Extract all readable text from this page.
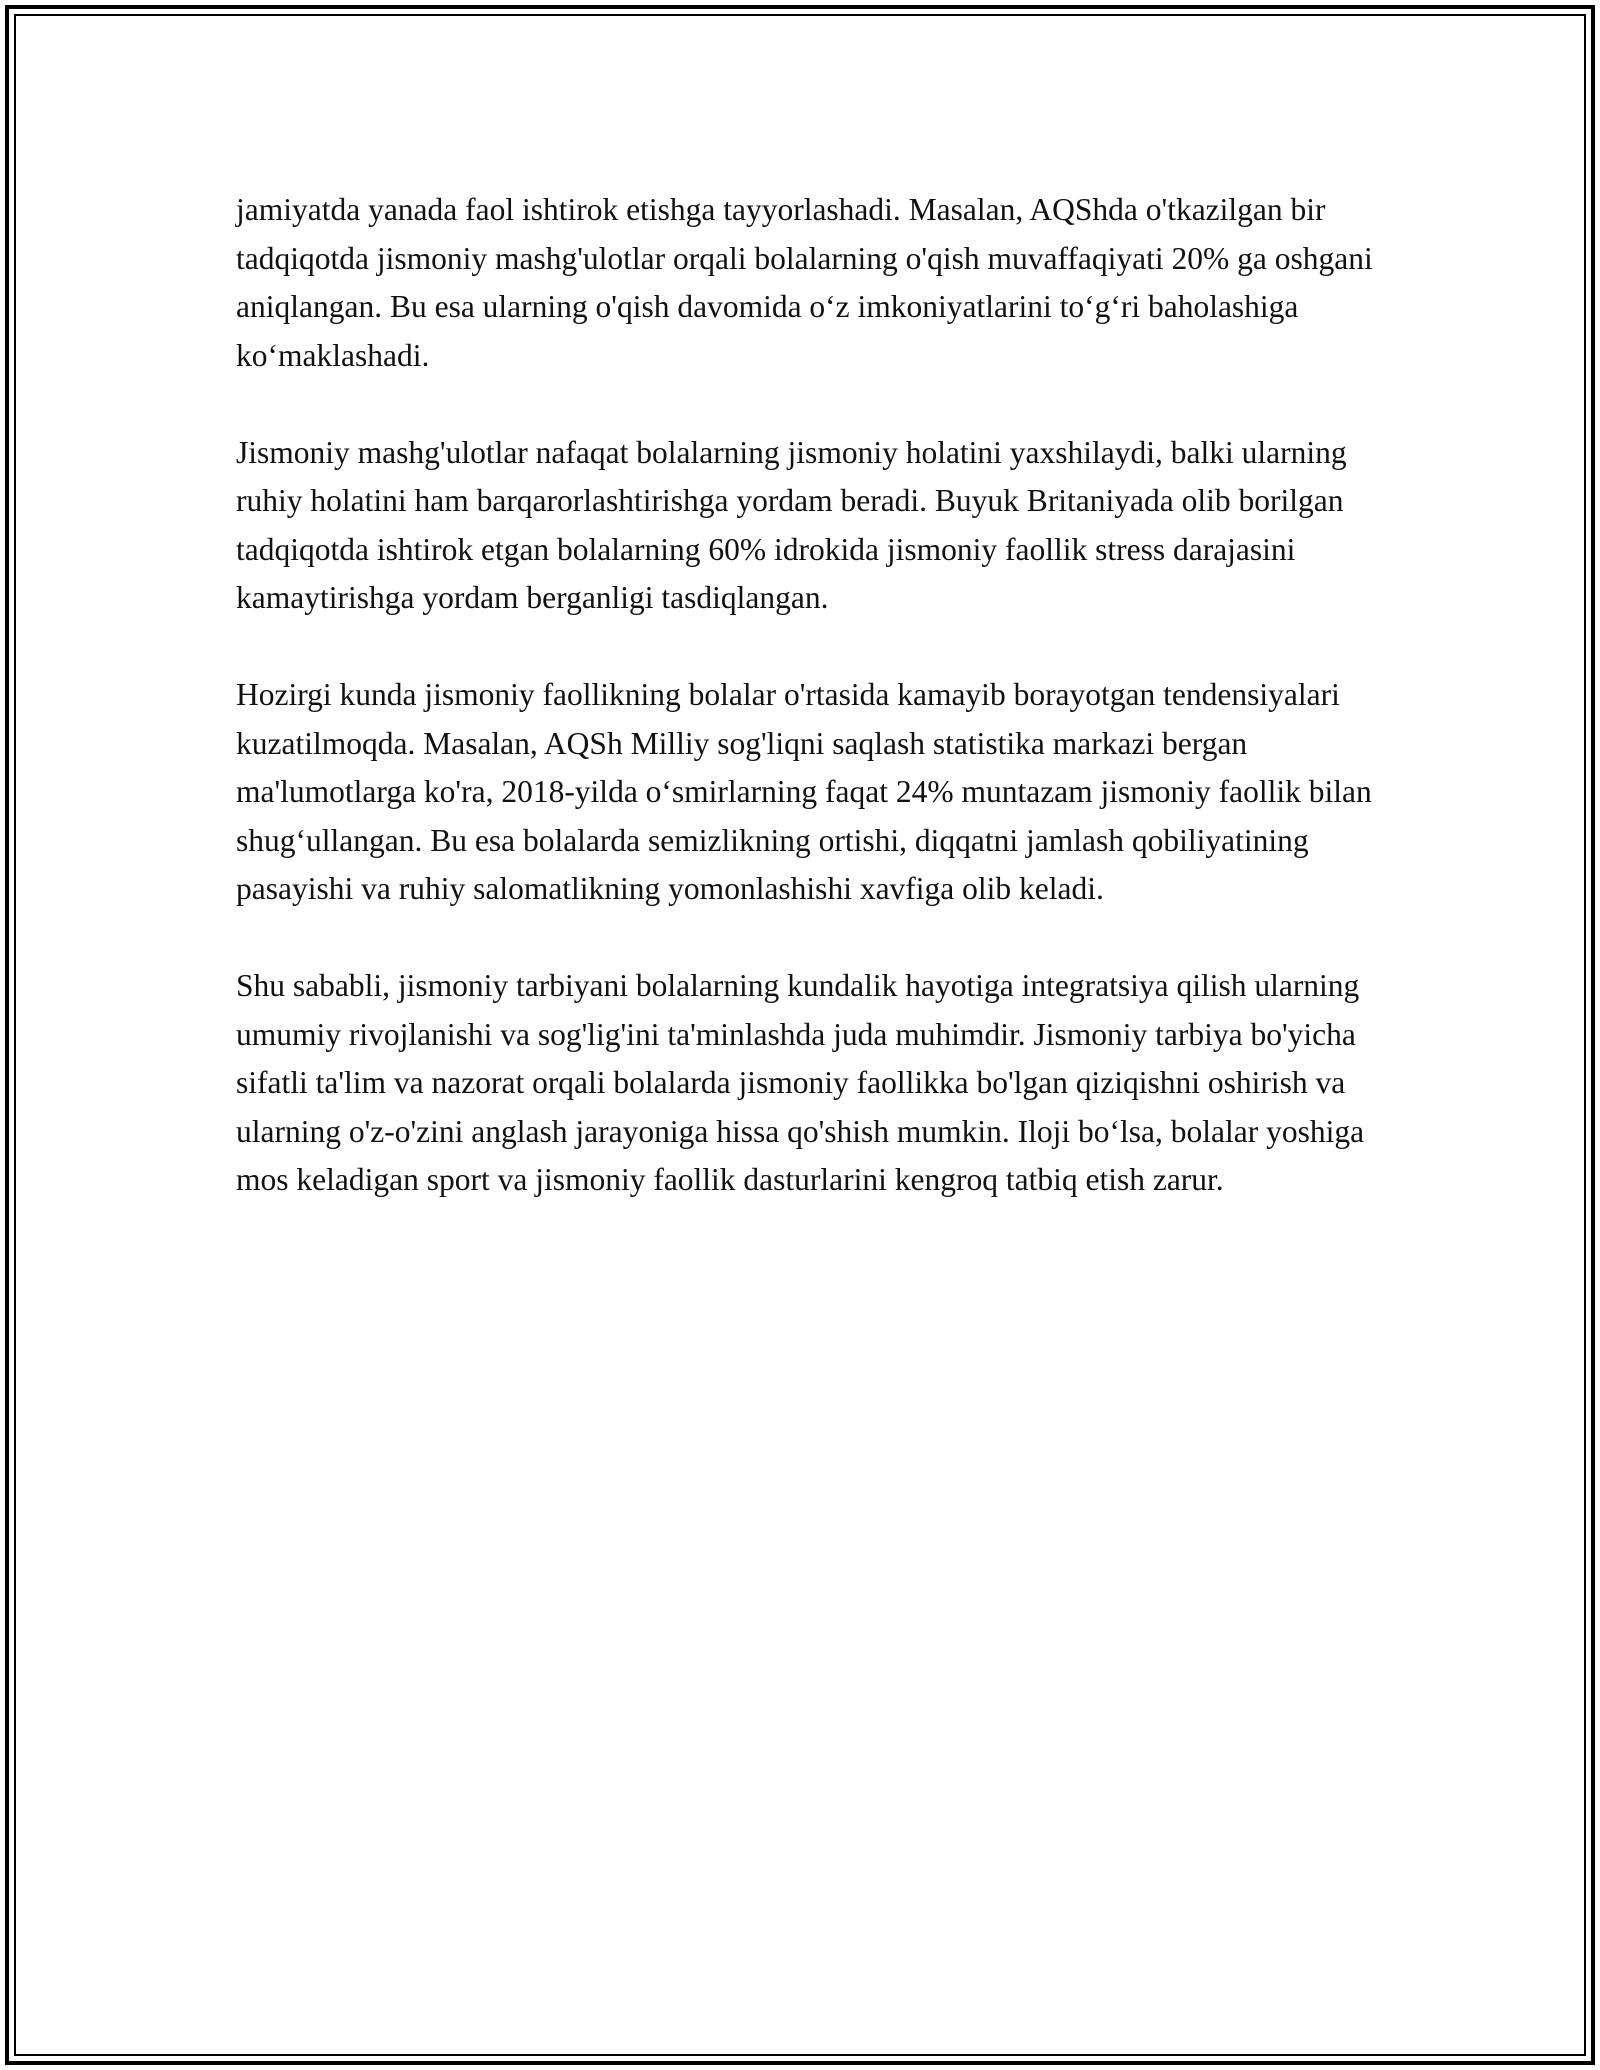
jamiyatda yanada faol ishtirok etishga tayyorlashadi. Masalan, AQShda o'tkazilgan bir tadqiqotda jismoniy mashg'ulotlar orqali bolalarning o'qish muvaffaqiyati 20% ga oshgani aniqlangan. Bu esa ularning o'qish davomida o‘z imkoniyatlarini to‘g‘ri baholashiga ko‘maklashadi.

Jismoniy mashg'ulotlar nafaqat bolalarning jismoniy holatini yaxshilaydi, balki ularning ruhiy holatini ham barqarorlashtirishga yordam beradi. Buyuk Britaniyada olib borilgan tadqiqotda ishtirok etgan bolalarning 60% idrokida jismoniy faollik stress darajasini kamaytirishga yordam berganligi tasdiqlangan.

Hozirgi kunda jismoniy faollikning bolalar o'rtasida kamayib borayotgan tendensiyalari kuzatilmoqda. Masalan, AQSh Milliy sog'liqni saqlash statistika markazi bergan ma'lumotlarga ko'ra, 2018-yilda o‘smirlarning faqat 24% muntazam jismoniy faollik bilan shug‘ullangan. Bu esa bolalarda semizlikning ortishi, diqqatni jamlash qobiliyatining pasayishi va ruhiy salomatlikning yomonlashishi xavfiga olib keladi.

Shu sababli, jismoniy tarbiyani bolalarning kundalik hayotiga integratsiya qilish ularning umumiy rivojlanishi va sog'lig'ini ta'minlashda juda muhimdir. Jismoniy tarbiya bo'yicha sifatli ta'lim va nazorat orqali bolalarda jismoniy faollikka bo'lgan qiziqishni oshirish va ularning o'z-o'zini anglash jarayoniga hissa qo'shish mumkin. Iloji bo‘lsa, bolalar yoshiga mos keladigan sport va jismoniy faollik dasturlarini kengroq tatbiq etish zarur.
